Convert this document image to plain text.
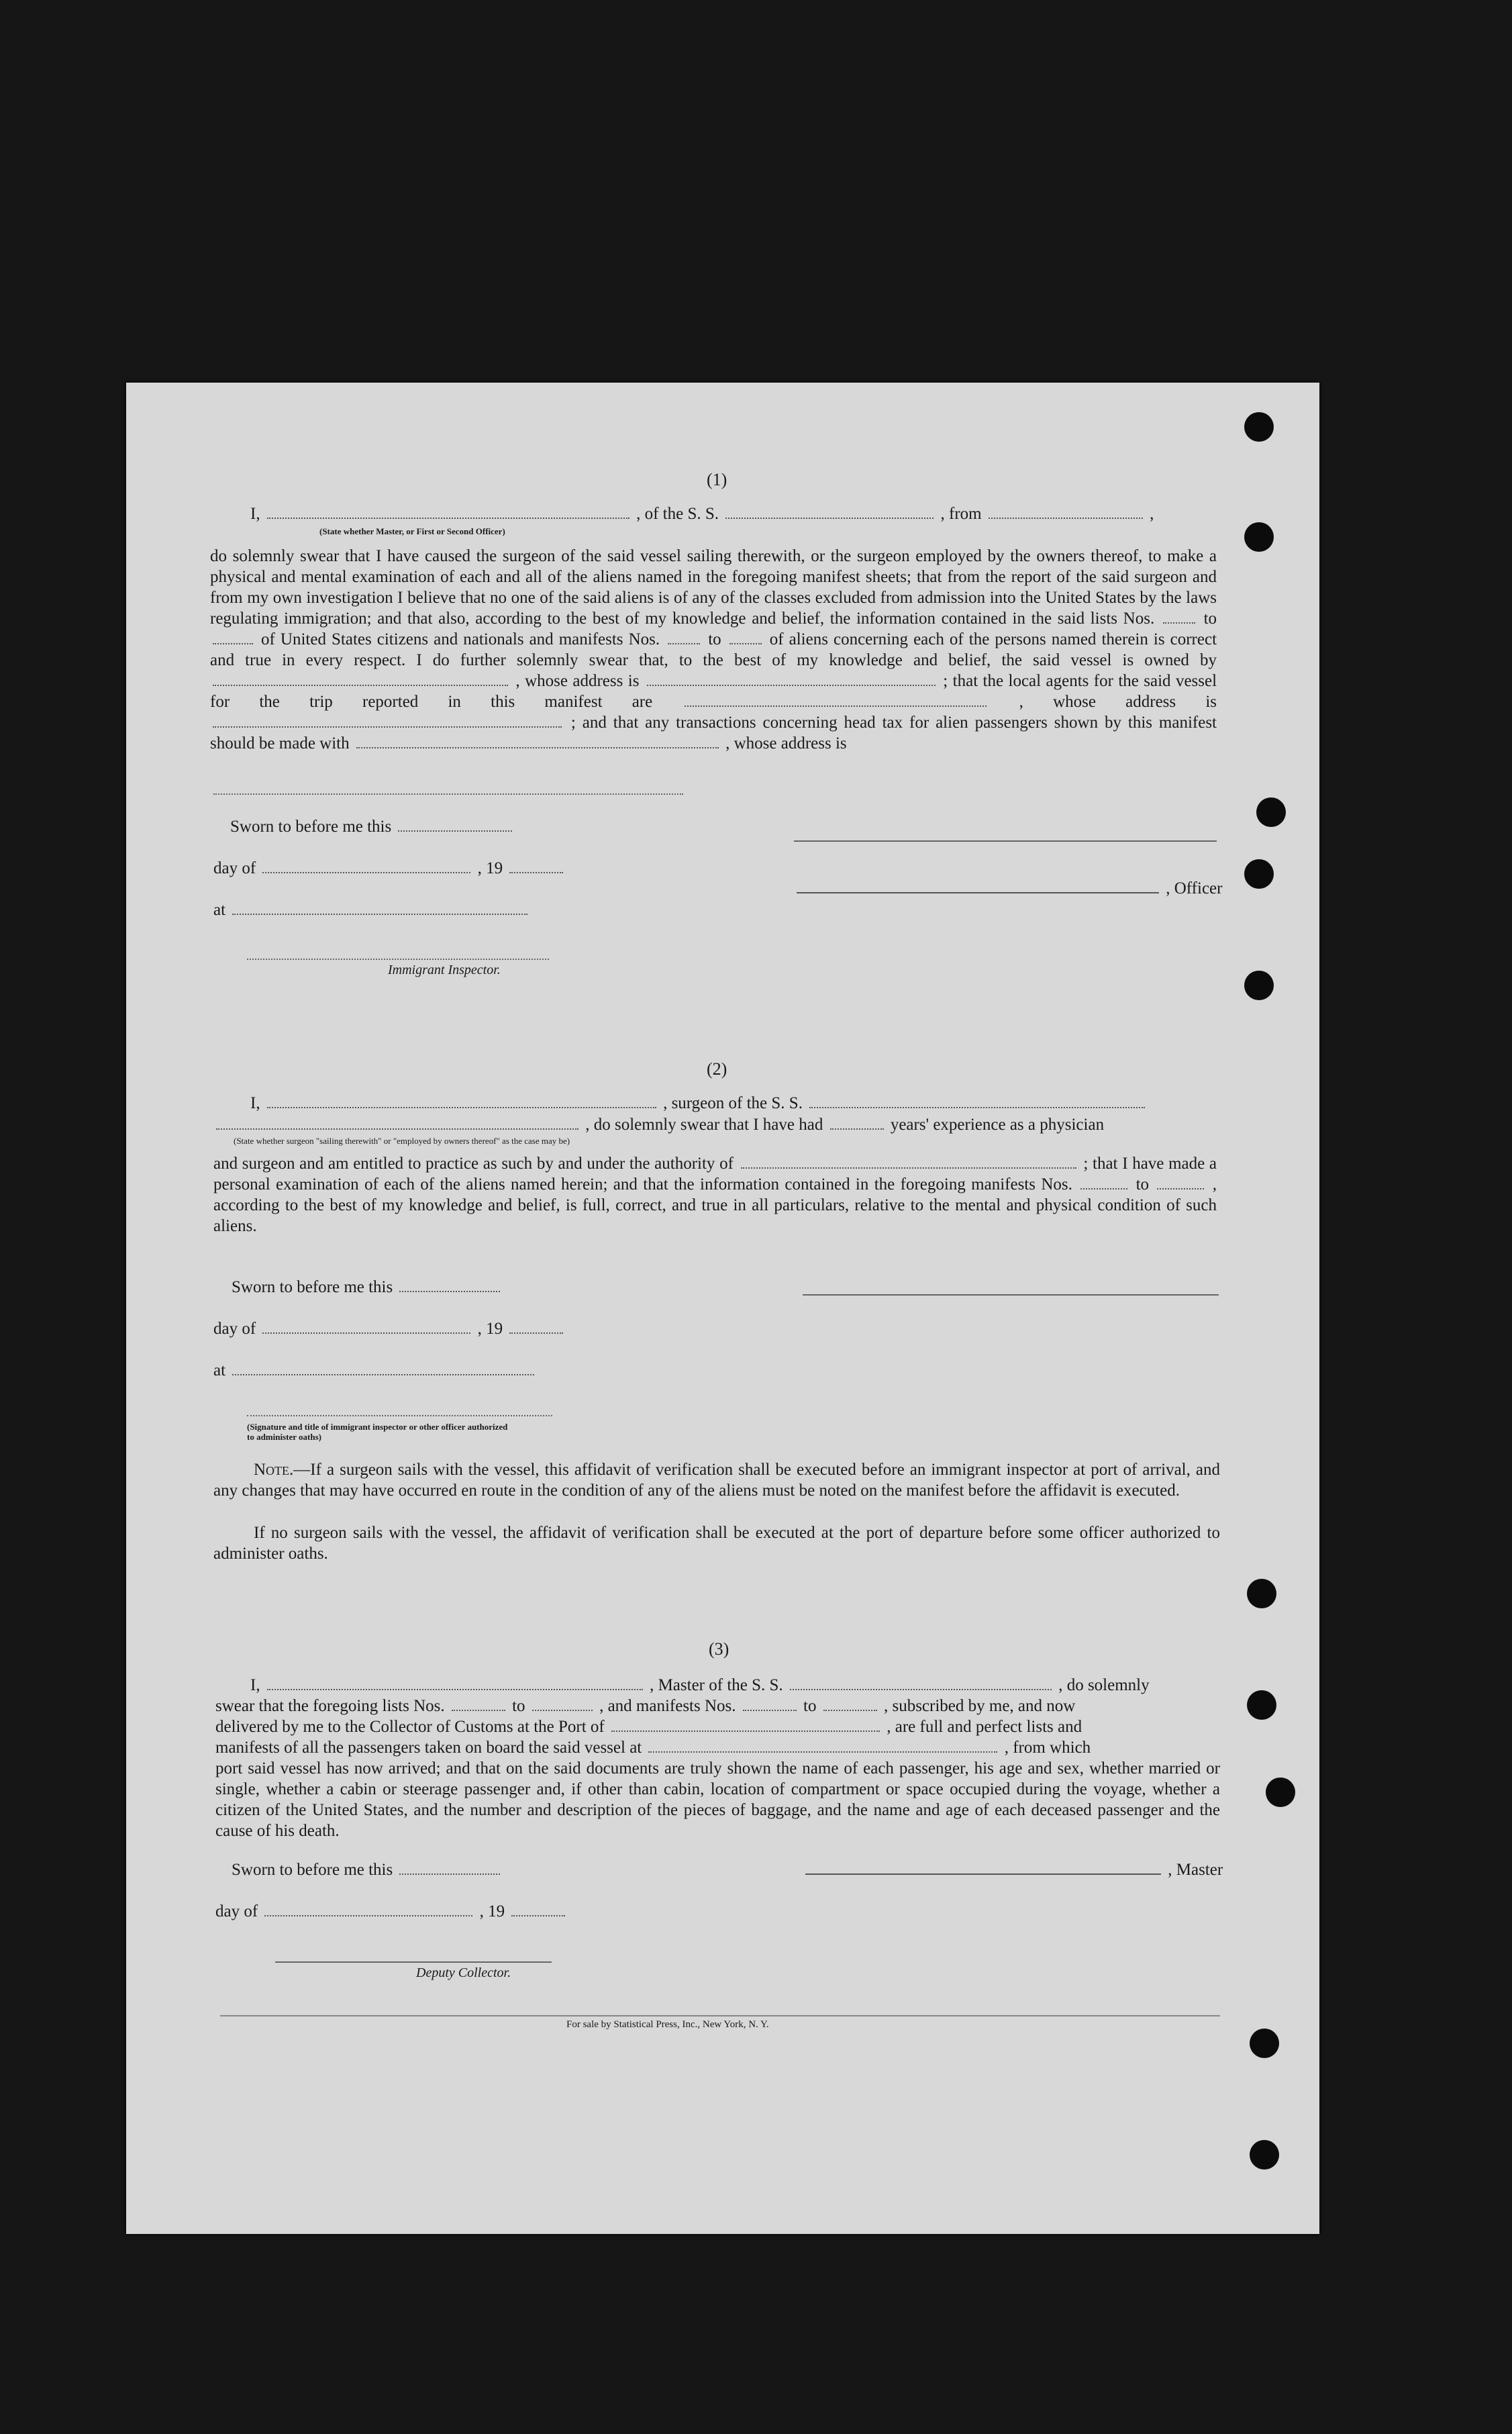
(1)
I,	, of the S. S.	, from	,
(State whether Master, or First or Second Officer)
do solemnly swear that I have caused the surgeon of the said vessel sailing therewith, or the surgeon employed by the owners thereof, to make a physical and mental examination of each and all of the aliens named in the foregoing manifest sheets; that from the report of the said surgeon and from my own investigation I believe that no one of the said aliens is of any of the classes excluded from admission into the United States by the laws regulating immigration; and that also, according to the best of my knowledge and belief, the information contained in the said lists Nos.	to  of United States citizens and nationals and manifests Nos.	to	of aliens concerning each of the persons named therein is correct and true in every respect. I do further solemnly swear that, to the best of my knowledge and belief, the said vessel is owned by  , whose address is	; that the local agents for the said vessel for the trip reported in this manifest are	, whose address is  ; and that any transactions concerning head tax for alien passengers shown by this manifest should be made with	, whose address is
Sworn to before me this
day of	, 19
, Officer
at
Immigrant Inspector.
(2)
I,	, surgeon of the S. S.
, do solemnly swear that I have had	years' experience as a physician
(State whether surgeon "sailing therewith" or "employed by owners thereof" as the case may be)
and surgeon and am entitled to practice as such by and under the authority of	; that I have made a personal examination of each of the aliens named herein; and that the information contained in the foregoing manifests Nos.	to	, according to the best of my knowledge and belief, is full, correct, and true in all particulars, relative to the mental and physical condition of such aliens.
Sworn to before me this
day of	, 19
at
(Signature and title of immigrant inspector or other officer authorized to administer oaths)
Note.—If a surgeon sails with the vessel, this affidavit of verification shall be executed before an immigrant inspector at port of arrival, and any changes that may have occurred en route in the condition of any of the aliens must be noted on the manifest before the affidavit is executed.
If no surgeon sails with the vessel, the affidavit of verification shall be executed at the port of departure before some officer authorized to administer oaths.
(3)
I,	, Master of the S. S.	, do solemnly
swear that the foregoing lists Nos.	to	, and manifests Nos.	to	, subscribed by me, and now
delivered by me to the Collector of Customs at the Port of	, are full and perfect lists and
manifests of all the passengers taken on board the said vessel at	, from which
port said vessel has now arrived; and that on the said documents are truly shown the name of each passenger, his age and sex, whether married or single, whether a cabin or steerage passenger and, if other than cabin, location of compartment or space occupied during the voyage, whether a citizen of the United States, and the number and description of the pieces of baggage, and the name and age of each deceased passenger and the cause of his death.
Sworn to before me this	, Master
day of	, 19
Deputy Collector.
For sale by Statistical Press, Inc., New York, N. Y.
